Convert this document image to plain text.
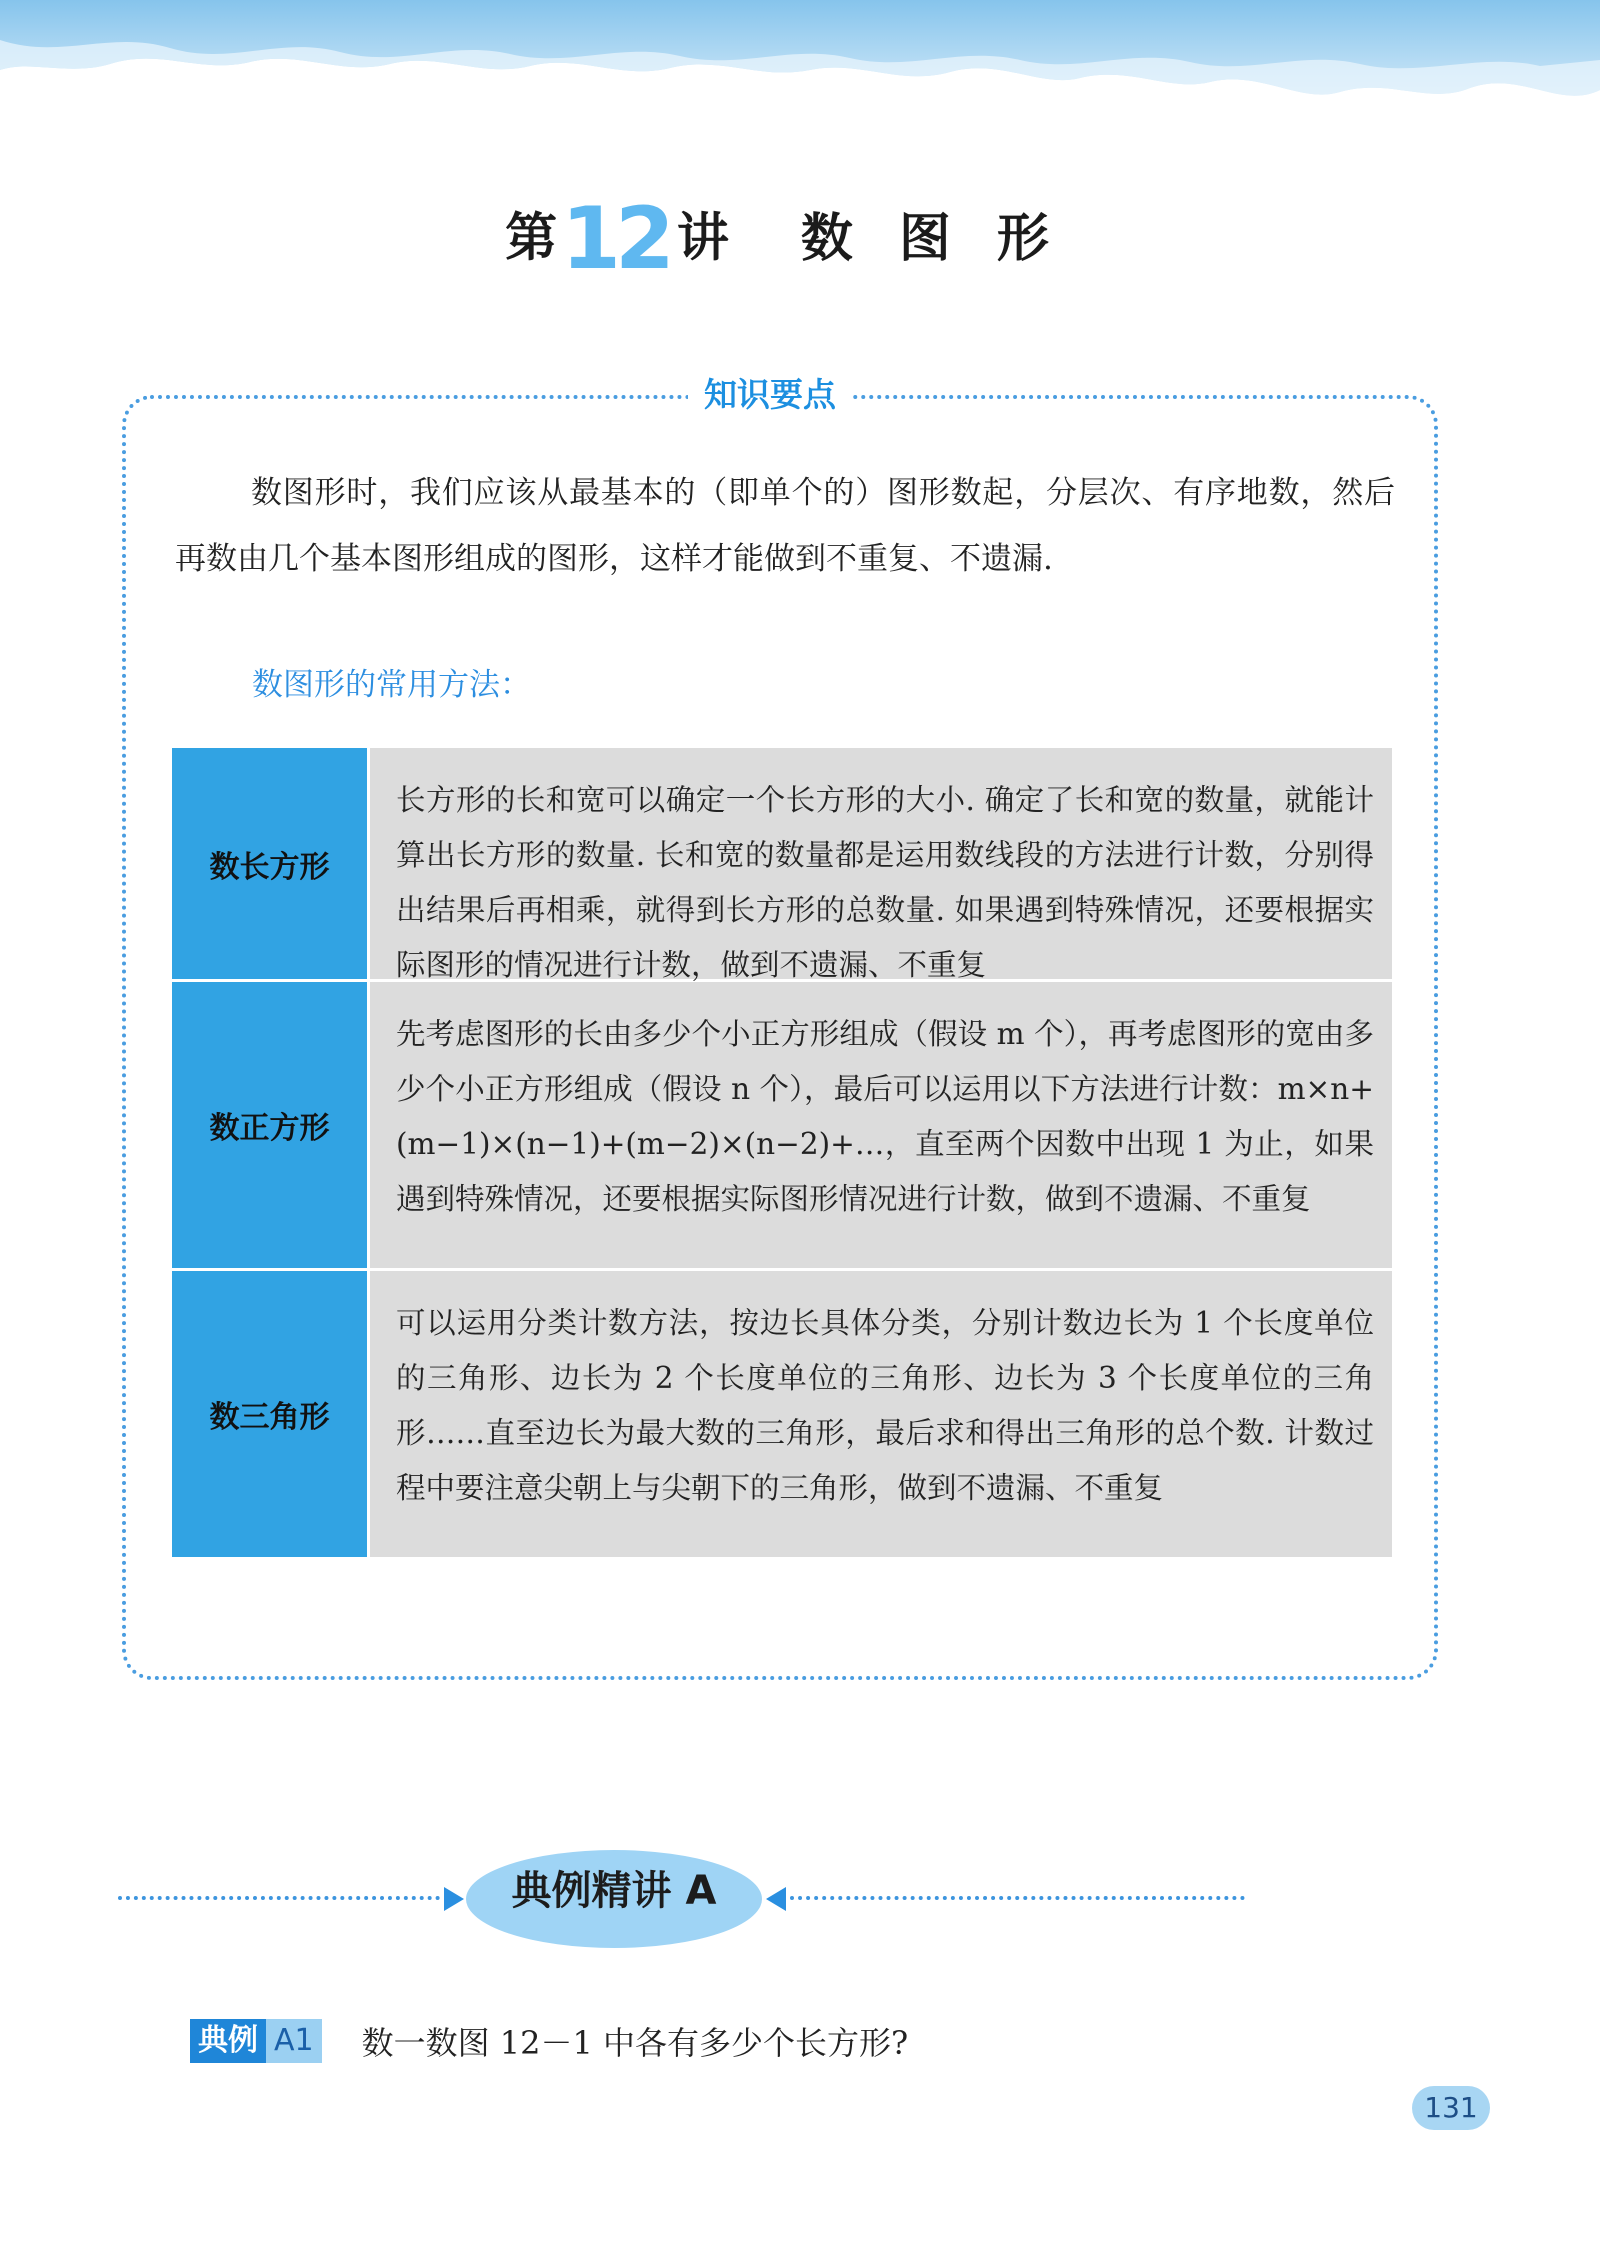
第12 讲 数图形
知识要点
数图形时，我们应该从最基本的（即单个的）图形数起，分层次、有序地数，然后再数由几个基本图形组成的图形，这样才能做到不重复、不遗漏.
数图形的常用方法：
数长方形
长方形的长和宽可以确定一个长方形的大小. 确定了长和宽的数量，就能计算出长方形的数量. 长和宽的数量都是运用数线段的方法进行计数，分别得出结果后再相乘，就得到长方形的总数量. 如果遇到特殊情况，还要根据实际图形的情况进行计数，做到不遗漏、不重复
数正方形
先考虑图形的长由多少个小正方形组成（假设 m 个），再考虑图形的宽由多少个小正方形组成（假设 n 个），最后可以运用以下方法进行计数：m×n+(m−1)×(n−1)+(m−2)×(n−2)+…，直至两个因数中出现 1 为止，如果遇到特殊情况，还要根据实际图形情况进行计数，做到不遗漏、不重复
数三角形
可以运用分类计数方法，按边长具体分类，分别计数边长为 1 个长度单位的三角形、边长为 2 个长度单位的三角形、边长为 3 个长度单位的三角形……直至边长为最大数的三角形，最后求和得出三角形的总个数. 计数过程中要注意尖朝上与尖朝下的三角形，做到不遗漏、不重复
典例精讲 A
典例 A1 数一数图 12－1 中各有多少个长方形?
131
